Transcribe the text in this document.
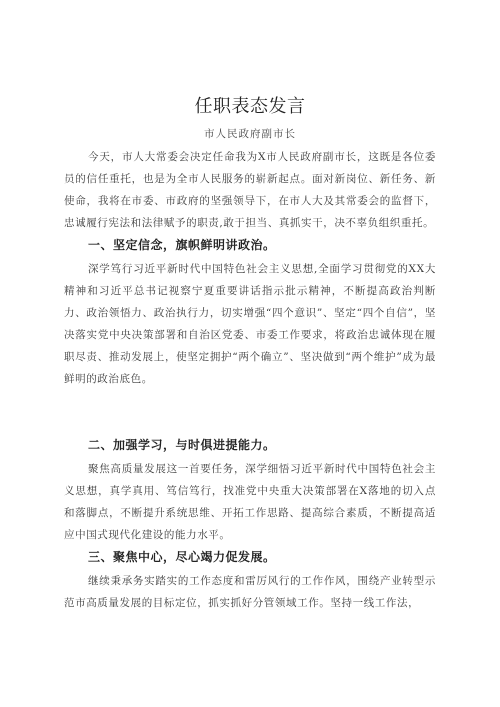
任职表态发言
市人民政府副市长
今天，市人大常委会决定任命我为X市人民政府副市长，这既是各位委员的信任重托，也是为全市人民服务的崭新起点。面对新岗位、新任务、新使命，我将在市委、市政府的坚强领导下，在市人大及其常委会的监督下，忠诚履行宪法和法律赋予的职责,敢于担当、真抓实干，决不辜负组织重托。
一、坚定信念，旗帜鲜明讲政治。
深学笃行习近平新时代中国特色社会主义思想,全面学习贯彻党的XX大精神和习近平总书记视察宁夏重要讲话指示批示精神，不断提高政治判断力、政治领悟力、政治执行力，切实增强“四个意识”、坚定“四个自信”，坚决落实党中央决策部署和自治区党委、市委工作要求，将政治忠诚体现在履职尽责、推动发展上，使坚定拥护“两个确立”、坚决做到“两个维护”成为最鲜明的政治底色。
二、加强学习，与时俱进提能力。
聚焦高质量发展这一首要任务，深学细悟习近平新时代中国特色社会主义思想，真学真用、笃信笃行，找准党中央重大决策部署在X落地的切入点和落脚点，不断提升系统思维、开拓工作思路、提高综合素质，不断提高适应中国式现代化建设的能力水平。
三、聚焦中心，尽心竭力促发展。
继续秉承务实踏实的工作态度和雷厉风行的工作作风，围绕产业转型示范市高质量发展的目标定位，抓实抓好分管领域工作。坚持一线工作法，
